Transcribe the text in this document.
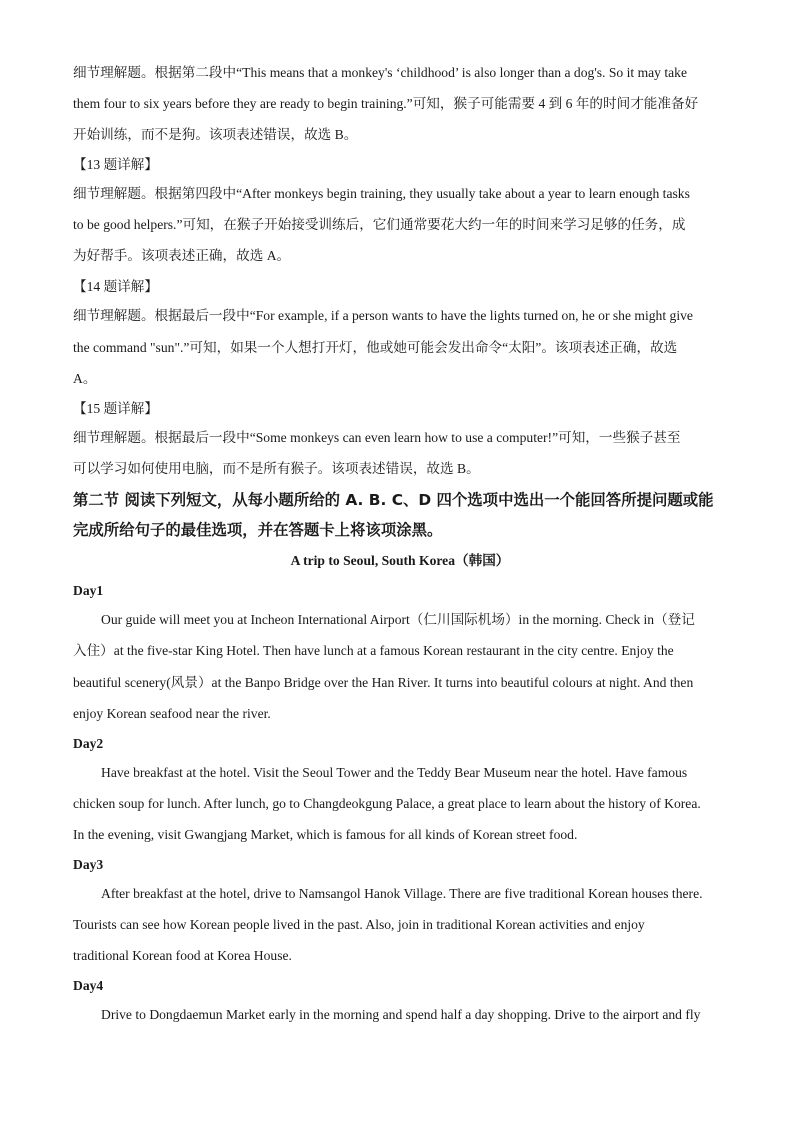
细节理解题。根据第二段中“This means that a monkey's ‘childhood’ is also longer than a dog's. So it may take
them four to six years before they are ready to begin training.”可知，猴子可能需要 4 到 6 年的时间才能准备好
开始训练，而不是狗。该项表述错误，故选 B。
【13 题详解】
细节理解题。根据第四段中“After monkeys begin training, they usually take about a year to learn enough tasks
to be good helpers.”可知，在猴子开始接受训练后，它们通常要花大约一年的时间来学习足够的任务，成
为好帮手。该项表述正确，故选 A。
【14 题详解】
细节理解题。根据最后一段中“For example, if a person wants to have the lights turned on, he or she might give
the command "sun".”可知，如果一个人想打开灯，他或她可能会发出命令“太阳”。该项表述正确，故选
A。
【15 题详解】
细节理解题。根据最后一段中“Some monkeys can even learn how to use a computer!”可知，一些猴子甚至
可以学习如何使用电脑，而不是所有猴子。该项表述错误，故选 B。
第二节 阅读下列短文，从每小题所给的 A. B. C、D 四个选项中选出一个能回答所提问题或能
完成所给句子的最佳选项，并在答题卡上将该项涂黑。
A trip to Seoul, South Korea（韩国）
Day1
Our guide will meet you at Incheon International Airport（仁川国际机场）in the morning. Check in（登记
入住）at the five-star King Hotel. Then have lunch at a famous Korean restaurant in the city centre. Enjoy the
beautiful scenery(风景）at the Banpo Bridge over the Han River. It turns into beautiful colours at night. And then
enjoy Korean seafood near the river.
Day2
Have breakfast at the hotel. Visit the Seoul Tower and the Teddy Bear Museum near the hotel. Have famous
chicken soup for lunch. After lunch, go to Changdeokgung Palace, a great place to learn about the history of Korea.
In the evening, visit Gwangjang Market, which is famous for all kinds of Korean street food.
Day3
After breakfast at the hotel, drive to Namsangol Hanok Village. There are five traditional Korean houses there.
Tourists can see how Korean people lived in the past. Also, join in traditional Korean activities and enjoy
traditional Korean food at Korea House.
Day4
Drive to Dongdaemun Market early in the morning and spend half a day shopping. Drive to the airport and fly
